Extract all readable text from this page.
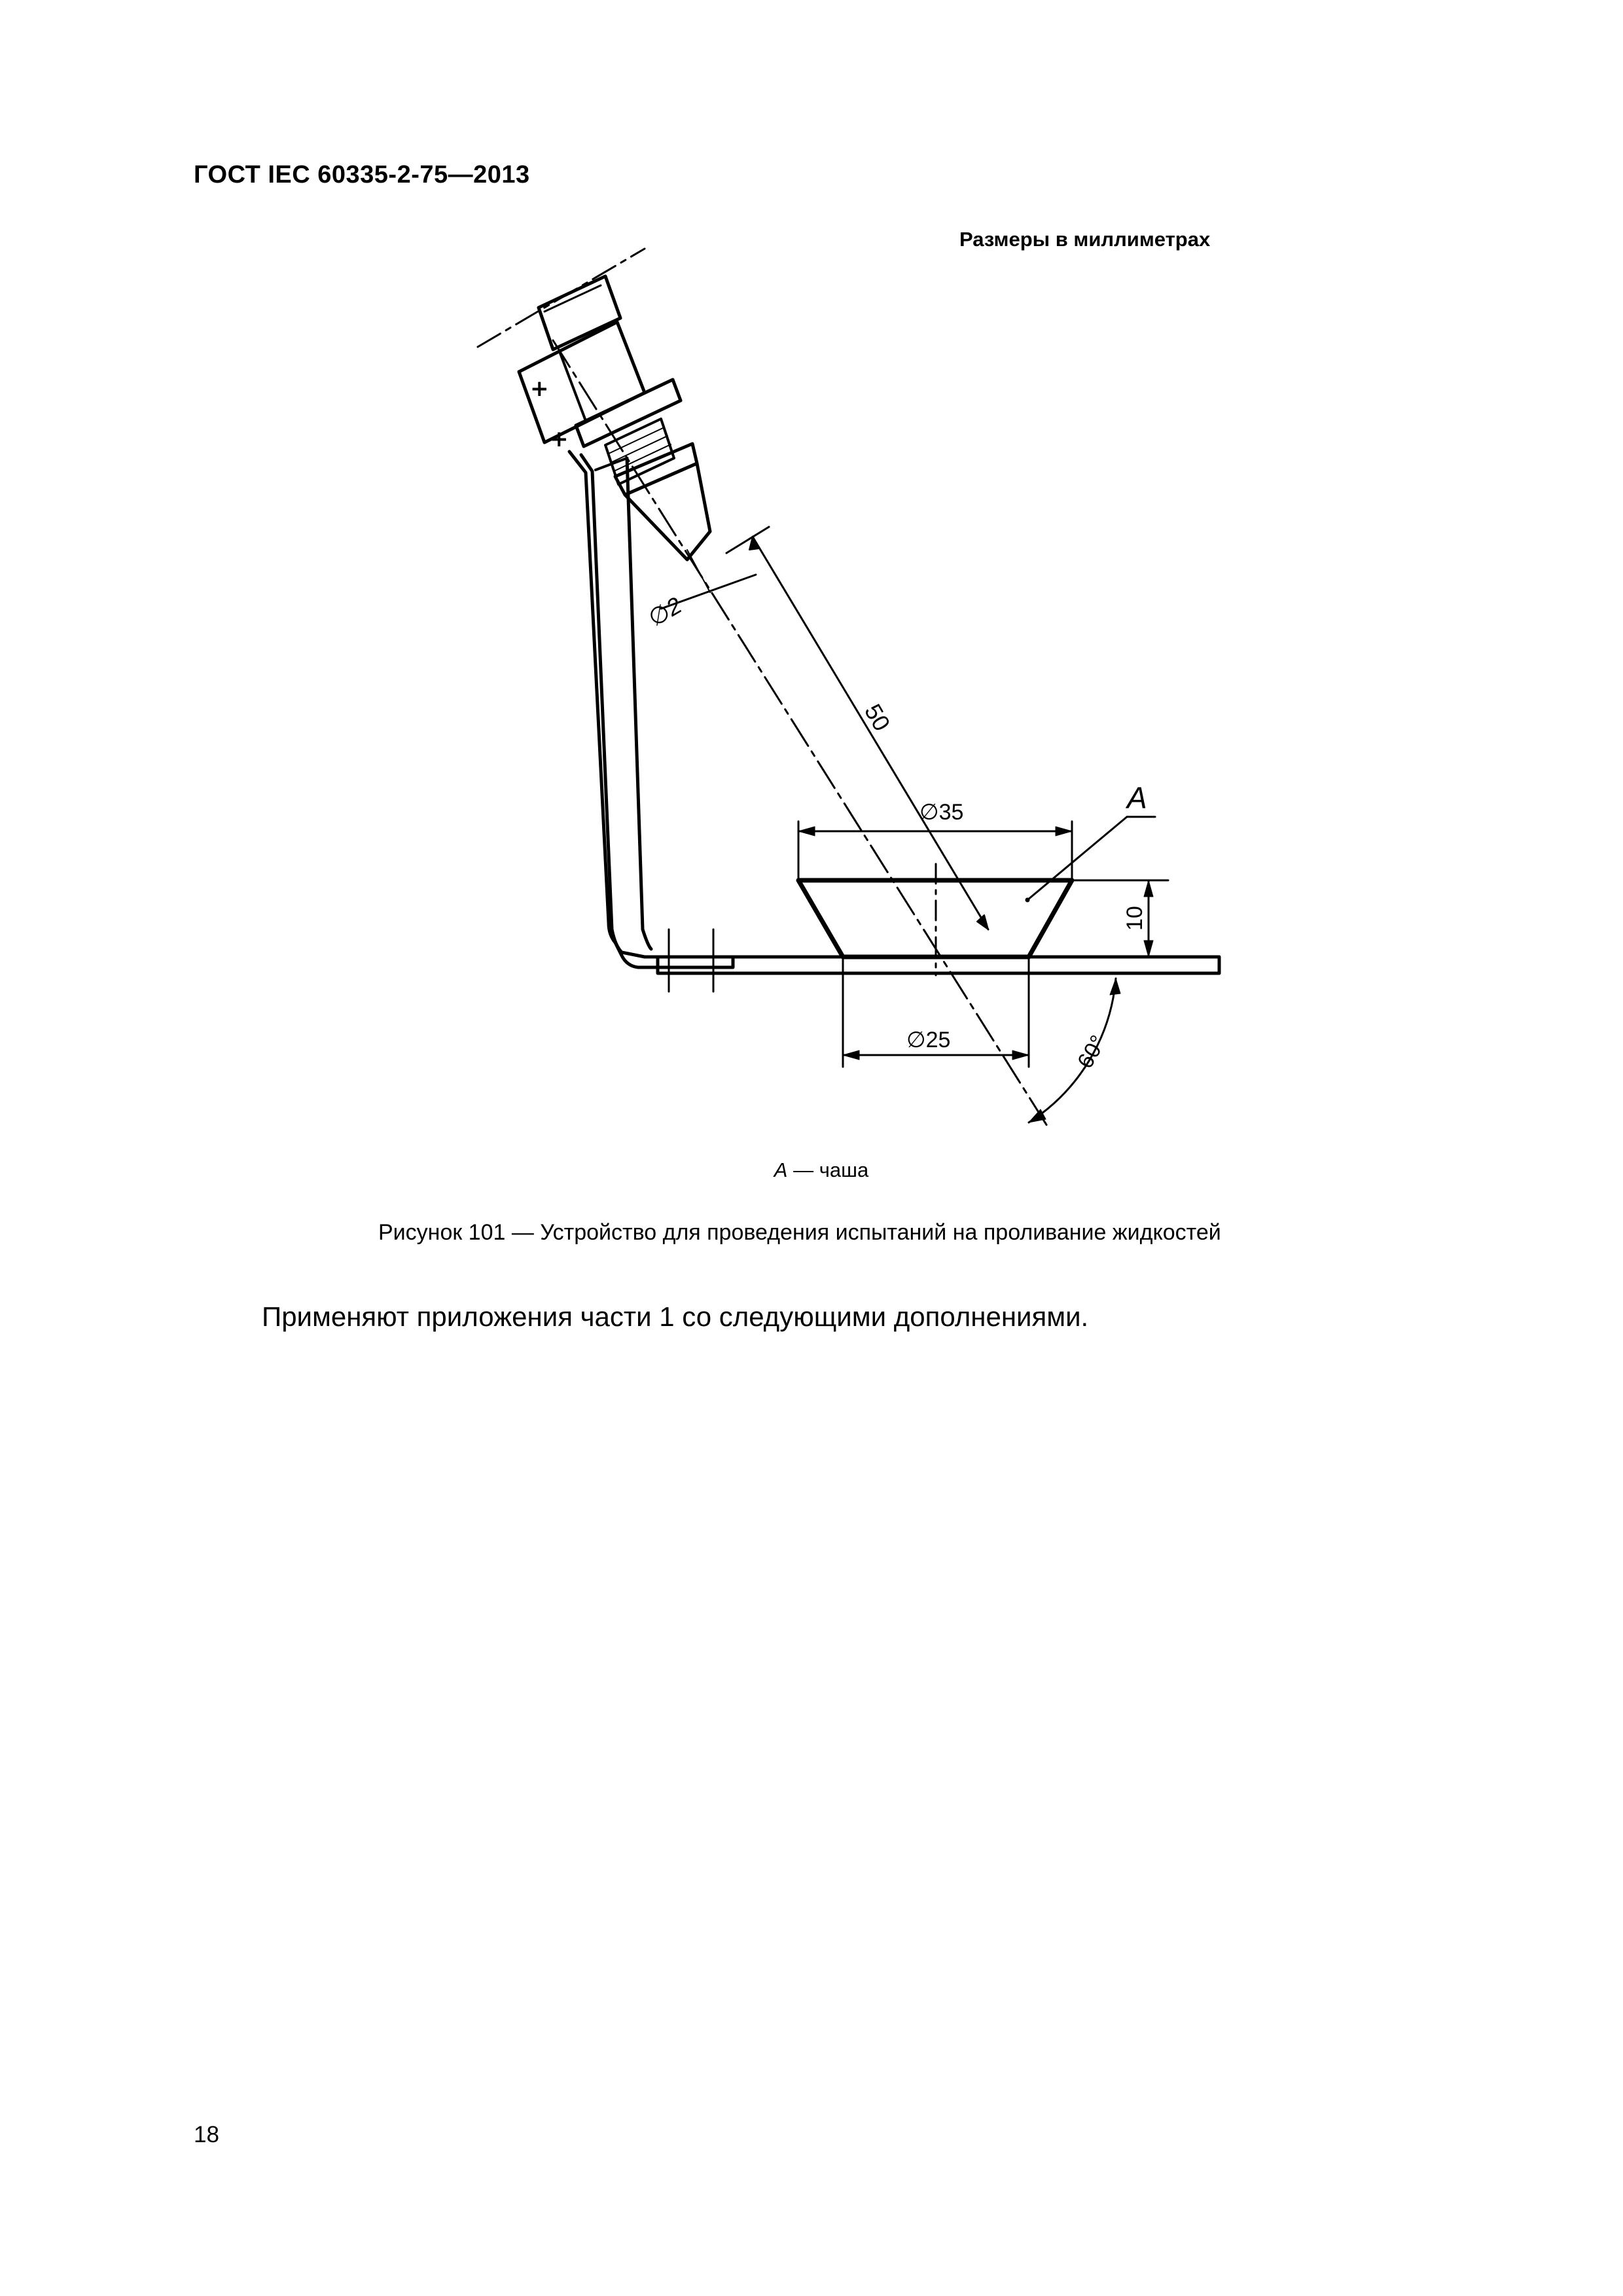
ГОСТ IEC 60335-2-75—2013
Размеры в миллиметрах
+
+
∅2
50
∅35	A
10
∅25	60°
A — чаша
Рисунок 101 — Устройство для проведения испытаний на проливание жидкостей
Применяют приложения части 1 со следующими дополнениями.
18
